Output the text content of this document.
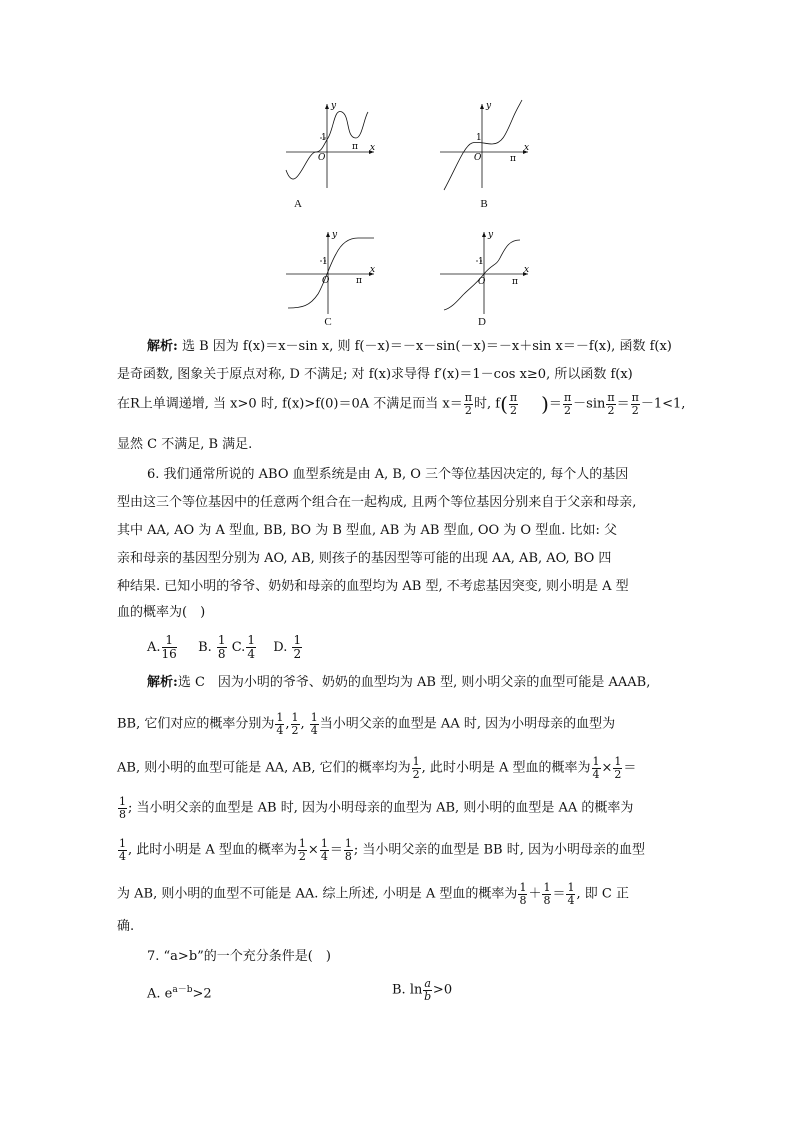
y
x
1
O
π
A
y
x
1
O	π
B
y
x
1
O	π
C
y
x
1
O	π
D
解析: 选 B 因为 f(x)＝x－sin x, 则 f(－x)＝－x－sin(－x)＝－x＋sin x＝－f(x), 函数 f(x)
是奇函数, 图象关于原点对称, D 不满足; 对 f(x)求导得 f′(x)＝1－cos x≥0, 所以函数 f(x)
在R上单调递增, 当 x>0 时, f(x)>f(0)＝0A 不满足而当 $x= \frac{\pi}{2}$ 时, $f( \frac{\pi}{2}$ )＝ $\frac{\pi}{2} -\sin \frac{\pi}{2} = \frac{\pi}{2} -1<1$,
显然 C 不满足, B 满足.
6. 我们通常所说的 ABO 血型系统是由 A, B, O 三个等位基因决定的, 每个人的基因
型由这三个等位基因中的任意两个组合在一起构成, 且两个等位基因分别来自于父亲和母亲,
其中 AA, AO 为 A 型血, BB, BO 为 B 型血, AB 为 AB 型血, OO 为 O 型血. 比如: 父
亲和母亲的基因型分别为 AO, AB, 则孩子的基因型等可能的出现 AA, AB, AO, BO 四
种结果. 已知小明的爷爷、奶奶和母亲的血型均为 AB 型, 不考虑基因突变, 则小明是 A 型
血的概率为(　)
A. $\frac{1}{16} B$. $\frac{1}{8} C$. $\frac{1}{4} D$. $\frac{1}{2}$
解析:选 C　因为小明的爷爷、奶奶的血型均为 AB 型, 则小明父亲的血型可能是 AAAB,
BB, 它们对应的概率分别为 $\frac{1}{4}$ , $\frac{1}{2}$ , $\frac{1}{4}$ 当小明父亲的血型是 AA 时, 因为小明母亲的血型为
AB, 则小明的血型可能是 AA, AB, 它们的概率均为 $\frac{1}{2}$ , 此时小明是 A 型血的概率为 $\frac{1}{4} \times \frac{1}{2}$ ＝
$\frac{1}{8}$ ; 当小明父亲的血型是 AB 时, 因为小明母亲的血型为 AB, 则小明的血型是 AA 的概率为
$\frac{1}{4}$ , 此时小明是 A 型血的概率为 $\frac{1}{2} \times \frac{1}{4} = \frac{1}{8}$ ; 当小明父亲的血型是 BB 时, 因为小明母亲的血型
为 AB, 则小明的血型不可能是 AA. 综上所述, 小明是 A 型血的概率为 $\frac{1}{8} + \frac{1}{8} = \frac{1}{4}$ , 即 C 正
确.
7. “a>b”的一个充分条件是(　)
A. $e^{a-b}>2$	B. $\ln \frac{a}{b} >0$
